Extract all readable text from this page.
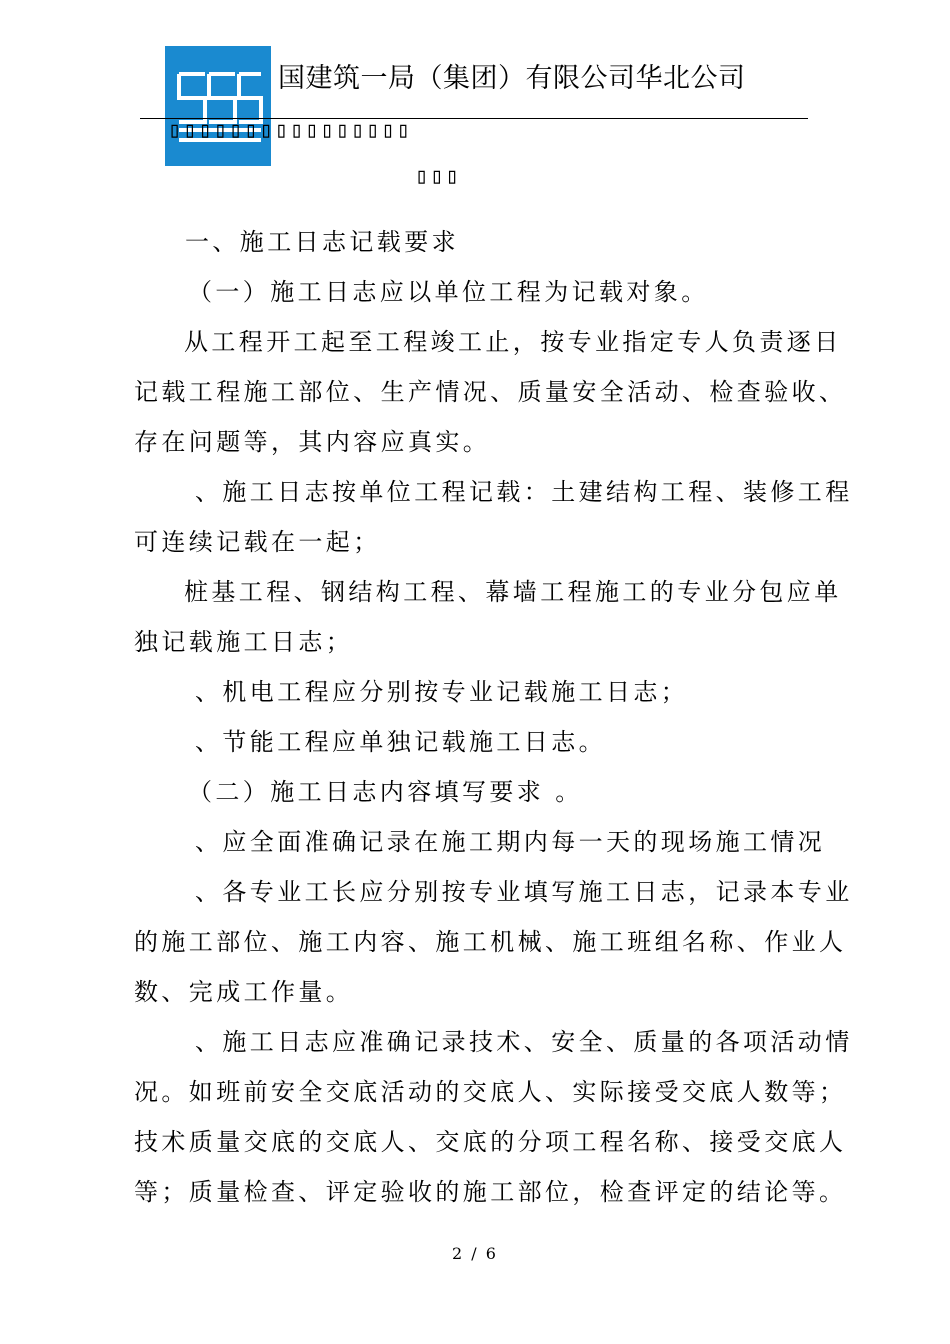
国建筑一局（集团）有限公司华北公司
▯▯▯▯▯▯▯▯▯▯▯▯▯▯▯▯
▯▯▯
一、施工日志记载要求
（一）施工日志应以单位工程为记载对象。
从工程开工起至工程竣工止，按专业指定专人负责逐日
记载工程施工部位、生产情况、质量安全活动、检查验收、
存在问题等，其内容应真实。
、施工日志按单位工程记载：土建结构工程、装修工程
可连续记载在一起；
桩基工程、钢结构工程、幕墙工程施工的专业分包应单
独记载施工日志；
、机电工程应分别按专业记载施工日志；
、节能工程应单独记载施工日志。
（二）施工日志内容填写要求 。
、应全面准确记录在施工期内每一天的现场施工情况
、各专业工长应分别按专业填写施工日志，记录本专业
的施工部位、施工内容、施工机械、施工班组名称、作业人
数、完成工作量。
、施工日志应准确记录技术、安全、质量的各项活动情
况。如班前安全交底活动的交底人、实际接受交底人数等；
技术质量交底的交底人、交底的分项工程名称、接受交底人
等；质量检查、评定验收的施工部位，检查评定的结论等。
2 / 6
